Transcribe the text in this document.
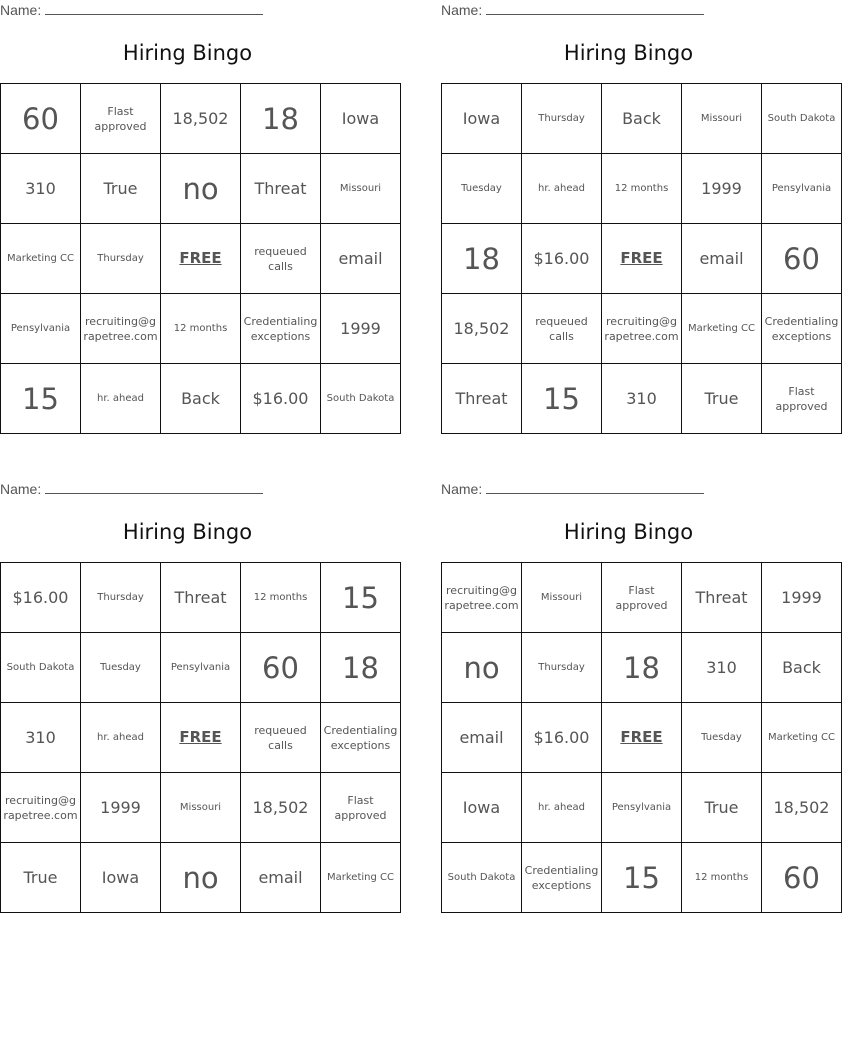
Name:
Hiring Bingo
60	Flast approved	18,502	18	Iowa
310	True	no	Threat	Missouri
Marketing CC	Thursday	FREE	requeued calls	email
Pensylvania	recruiting@grapetree.com	12 months	Credentialing exceptions	1999
15	hr. ahead	Back	$16.00	South Dakota
Name:
Hiring Bingo
Iowa	Thursday	Back	Missouri	South Dakota
Tuesday	hr. ahead	12 months	1999	Pensylvania
18	$16.00	FREE	email	60
18,502	requeued calls	recruiting@grapetree.com	Marketing CC	Credentialing exceptions
Threat	15	310	True	Flast approved
Name:
Hiring Bingo
$16.00	Thursday	Threat	12 months	15
South Dakota	Tuesday	Pensylvania	60	18
310	hr. ahead	FREE	requeued calls	Credentialing exceptions
recruiting@grapetree.com	1999	Missouri	18,502	Flast approved
True	Iowa	no	email	Marketing CC
Name:
Hiring Bingo
recruiting@grapetree.com	Missouri	Flast approved	Threat	1999
no	Thursday	18	310	Back
email	$16.00	FREE	Tuesday	Marketing CC
Iowa	hr. ahead	Pensylvania	True	18,502
South Dakota	Credentialing exceptions	15	12 months	60
